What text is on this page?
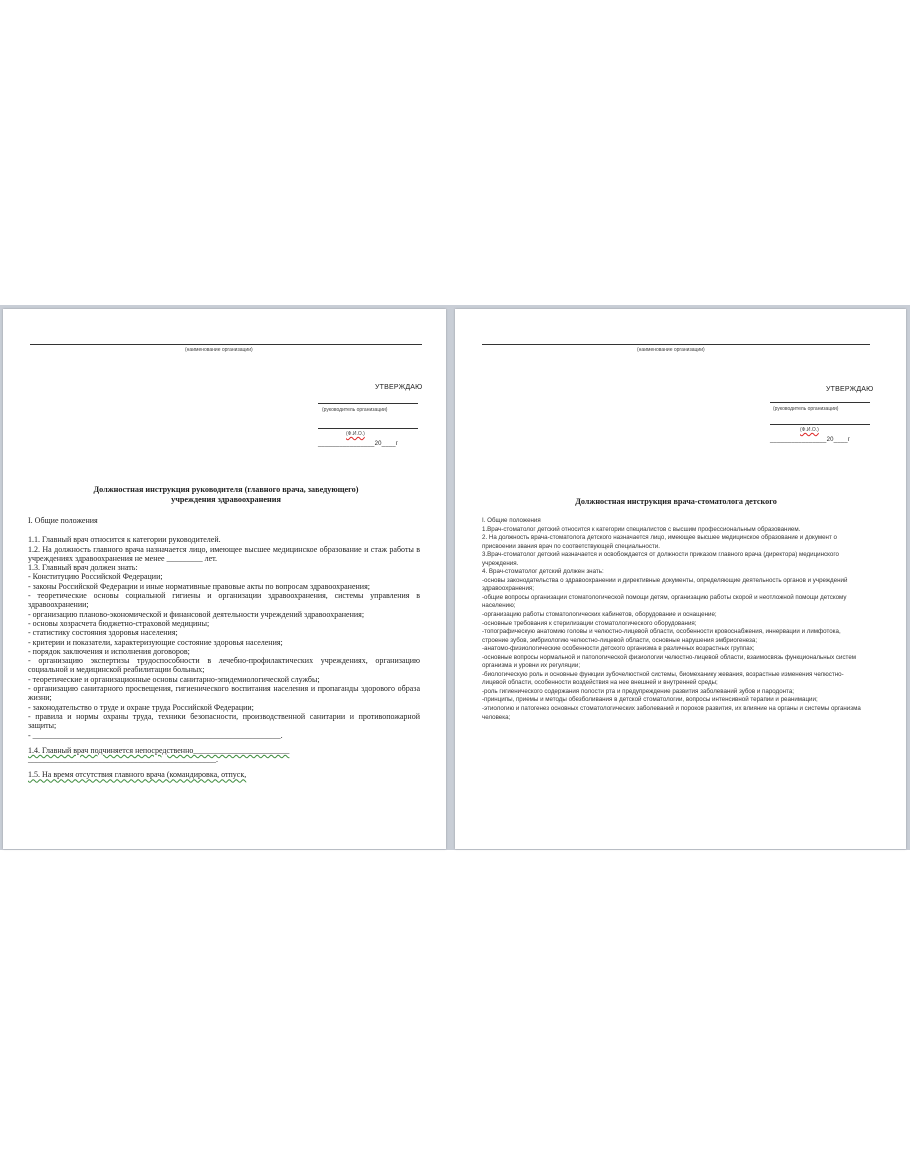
(наименование организации)
УТВЕРЖДАЮ
(руководитель организации)
(Ф.И.О.)
________________20____г
Должностная инструкция руководителя (главного врача, заведующего)
учреждения здравоохранения

I. Общие положения

1.1. Главный врач относится к категории руководителей.

1.2. На должность главного врача назначается лицо, имеющее высшее медицинское образование и стаж работы в учреждениях здравоохранения не менее _________ лет.

1.3. Главный врач должен знать:

- Конституцию Российской Федерации;

- законы Российской Федерации и иные нормативные правовые акты по вопросам здравоохранения;

- теоретические основы социальной гигиены и организации здравоохранения, системы управления в здравоохранении;

- организацию планово-экономической и финансовой деятельности учреждений здравоохранения;

- основы хозрасчета бюджетно-страховой медицины;

- статистику состояния здоровья населения;

- критерии и показатели, характеризующие состояние здоровья населения;

- порядок заключения и исполнения договоров;

- организацию экспертизы трудоспособности в лечебно-профилактических учреждениях, организацию социальной и медицинской реабилитации больных;

- теоретические и организационные основы санитарно-эпидемиологической службы;

- организацию санитарного просвещения, гигиенического воспитания населения и пропаганды здорового образа жизни;

- законодательство о труде и охране труда Российской Федерации;

- правила и нормы охраны труда, техники безопасности, производственной санитарии и противопожарной защиты;

- ______________________________________________________________.

1.4. Главный врач подчиняется непосредственно________________________

_______________________________________________.

1.5. На время отсутствия главного врача (командировка, отпуск,

(наименование организации)
УТВЕРЖДАЮ
(руководитель организации)
(Ф.И.О.)
________________20____г
Должностная инструкция врача-стоматолога детского

I. Общие положения

1.Врач-стоматолог детский относится к категории специалистов с высшим профессиональным образованием.

2. На должность врача-стоматолога детского назначается лицо, имеющее высшее медицинское образование и документ о присвоении звания врач по соответствующей специальности.

3.Врач-стоматолог детский назначается и освобождается от должности приказом главного врача (директора) медицинского учреждения.

4. Врач-стоматолог детский должен знать:

-основы законодательства о здравоохранении и директивные документы, определяющие деятельность органов и учреждений здравоохранения;

-общие вопросы организации стоматологической помощи детям, организацию работы скорой и неотложной помощи детскому населению;

-организацию работы стоматологических кабинетов, оборудование и оснащение;

-основные требования к стерилизации стоматологического оборудования;

-топографическую анатомию головы и челюстно-лицевой области, особенности кровоснабжения, иннервации и лимфотока, строение зубов, эмбриологию челюстно-лицевой области, основные нарушения эмбриогенеза;

-анатомо-физиологические особенности детского организма в различных возрастных группах;

-основные вопросы нормальной и патологической физиологии челюстно-лицевой области, взаимосвязь функциональных систем организма и уровни их регуляции;

-биологическую роль и основные функции зубочелюстной системы, биомеханику жевания, возрастные изменения челюстно-лицевой области, особенности воздействия на нее внешней и внутренней среды;

-роль гигиенического содержания полости рта и предупреждение развития заболеваний зубов и пародонта;

-принципы, приемы и методы обезболивания в детской стоматологии, вопросы интенсивной терапии и реанимации;

-этиологию и патогенез основных стоматологических заболеваний и пороков развития, их влияние на органы и системы организма человека;
